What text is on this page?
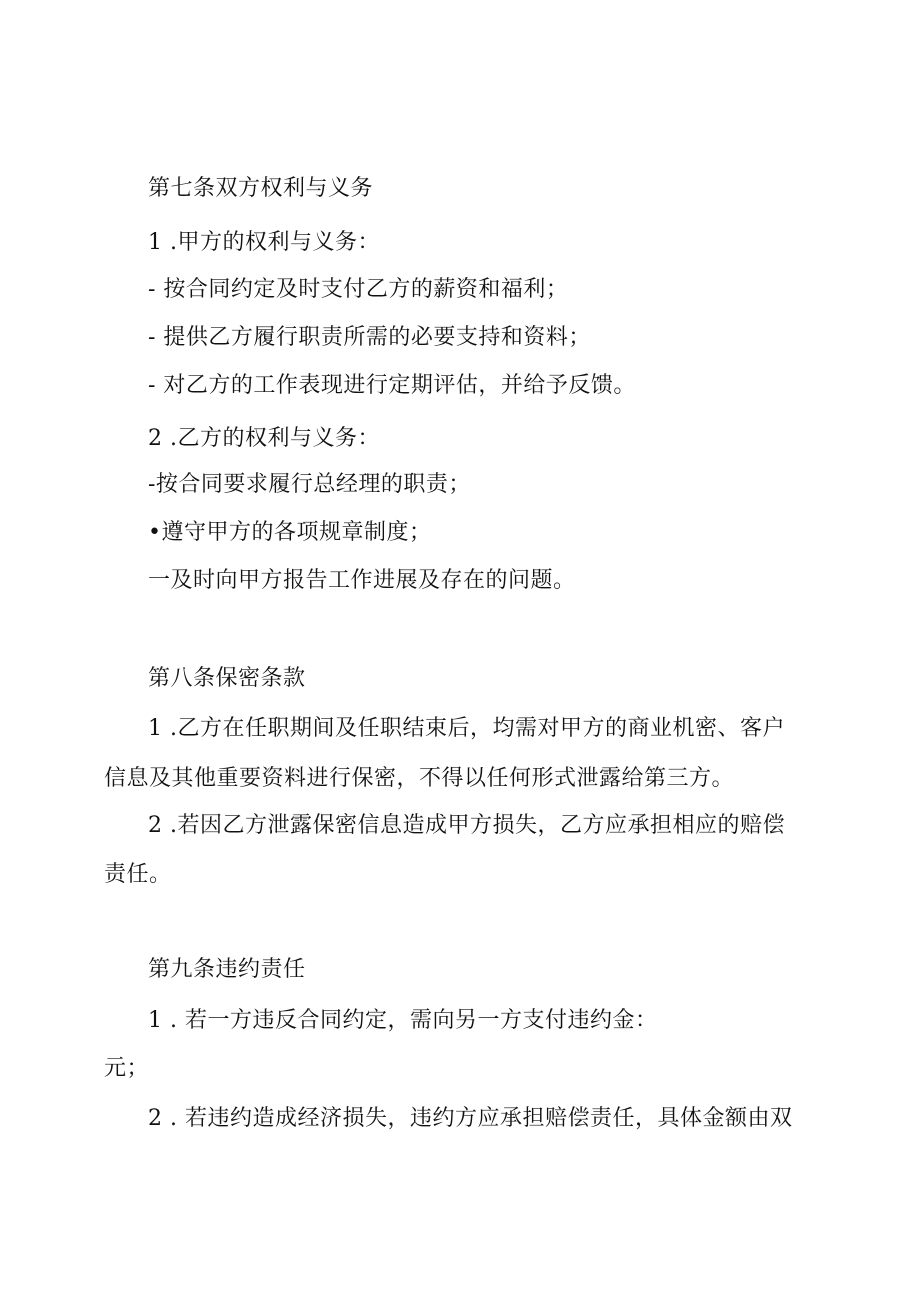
第七条双方权利与义务
1 .甲方的权利与义务：
- 按合同约定及时支付乙方的薪资和福利；
- 提供乙方履行职责所需的必要支持和资料；
- 对乙方的工作表现进行定期评估，并给予反馈。
2 .乙方的权利与义务：
-按合同要求履行总经理的职责；
•遵守甲方的各项规章制度；
一及时向甲方报告工作进展及存在的问题。
第八条保密条款
1 .乙方在任职期间及任职结束后，均需对甲方的商业机密、客户
信息及其他重要资料进行保密，不得以任何形式泄露给第三方。
2 .若因乙方泄露保密信息造成甲方损失，乙方应承担相应的赔偿
责任。
第九条违约责任
1 . 若一方违反合同约定，需向另一方支付违约金：
元；
2 . 若违约造成经济损失，违约方应承担赔偿责任，具体金额由双
